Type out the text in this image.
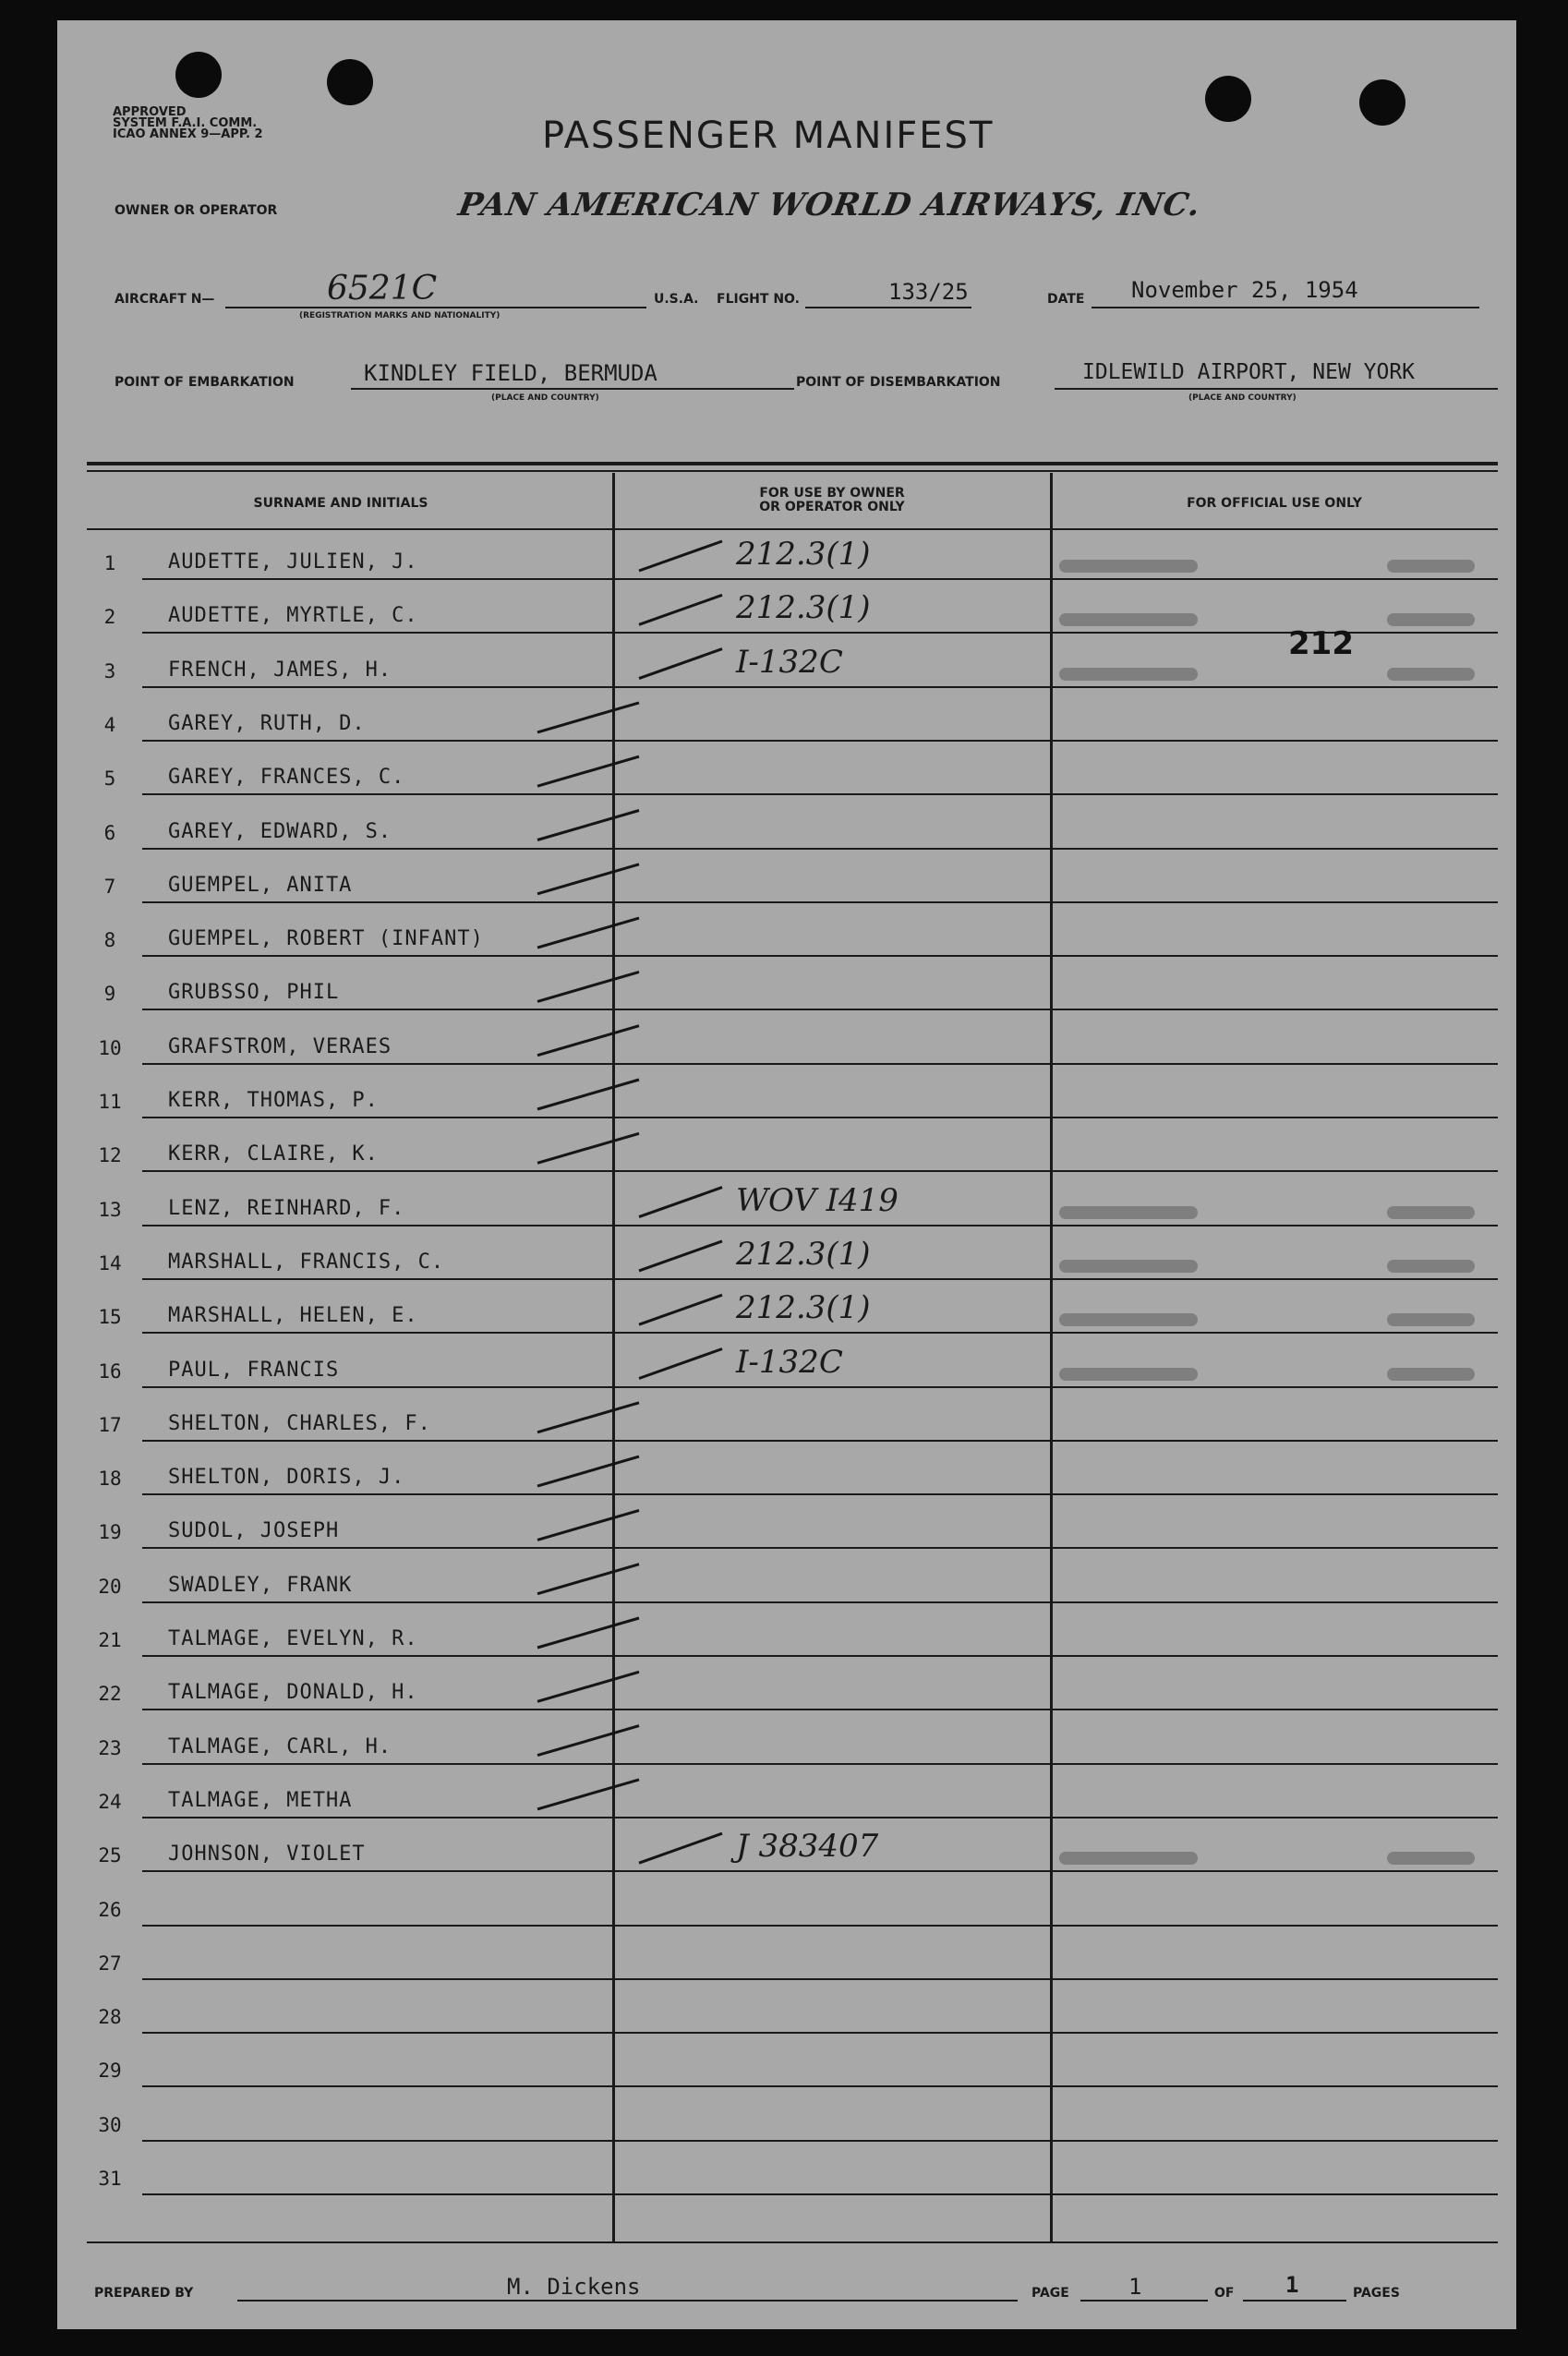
APPROVED
SYSTEM F.A.I. COMM.
ICAO ANNEX 9—APP. 2	PASSENGER MANIFEST
OWNER OR OPERATOR	PAN AMERICAN WORLD AIRWAYS, INC.
AIRCRAFT N—	6521C
(REGISTRATION MARKS AND NATIONALITY)
U.S.A. FLIGHT NO.	133/25	DATE November 25, 1954
POINT OF EMBARKATION	KINDLEY FIELD, BERMUDA
(PLACE AND COUNTRY)
POINT OF DISEMBARKATION	IDLEWILD AIRPORT, NEW YORK
(PLACE AND COUNTRY)
SURNAME AND INITIALS
FOR USE BY OWNER
OR OPERATOR ONLY	FOR OFFICIAL USE ONLY
1	AUDETTE, JULIEN, J.	212.3(1)
2	AUDETTE, MYRTLE, C.	212.3(1)
3	FRENCH, JAMES, H.	I-132C
4	GAREY, RUTH, D.
5	GAREY, FRANCES, C.
6	GAREY, EDWARD, S.
7	GUEMPEL, ANITA
8	GUEMPEL, ROBERT (INFANT)
9	GRUBSSO, PHIL
10	GRAFSTROM, VERAES
11	KERR, THOMAS, P.
12	KERR, CLAIRE, K.
13	LENZ, REINHARD, F.	WOV I419
14	MARSHALL, FRANCIS, C.	212.3(1)
15	MARSHALL, HELEN, E.	212.3(1)
16	PAUL, FRANCIS	I-132C
17	SHELTON, CHARLES, F.
18	SHELTON, DORIS, J.
19	SUDOL, JOSEPH
20	SWADLEY, FRANK
21	TALMAGE, EVELYN, R.
22	TALMAGE, DONALD, H.
23	TALMAGE, CARL, H.
24	TALMAGE, METHA
25	JOHNSON, VIOLET	J 383407
26
27
28
29
30
31
212
PREPARED BY	M. Dickens	PAGE	1	OF 1	PAGES
